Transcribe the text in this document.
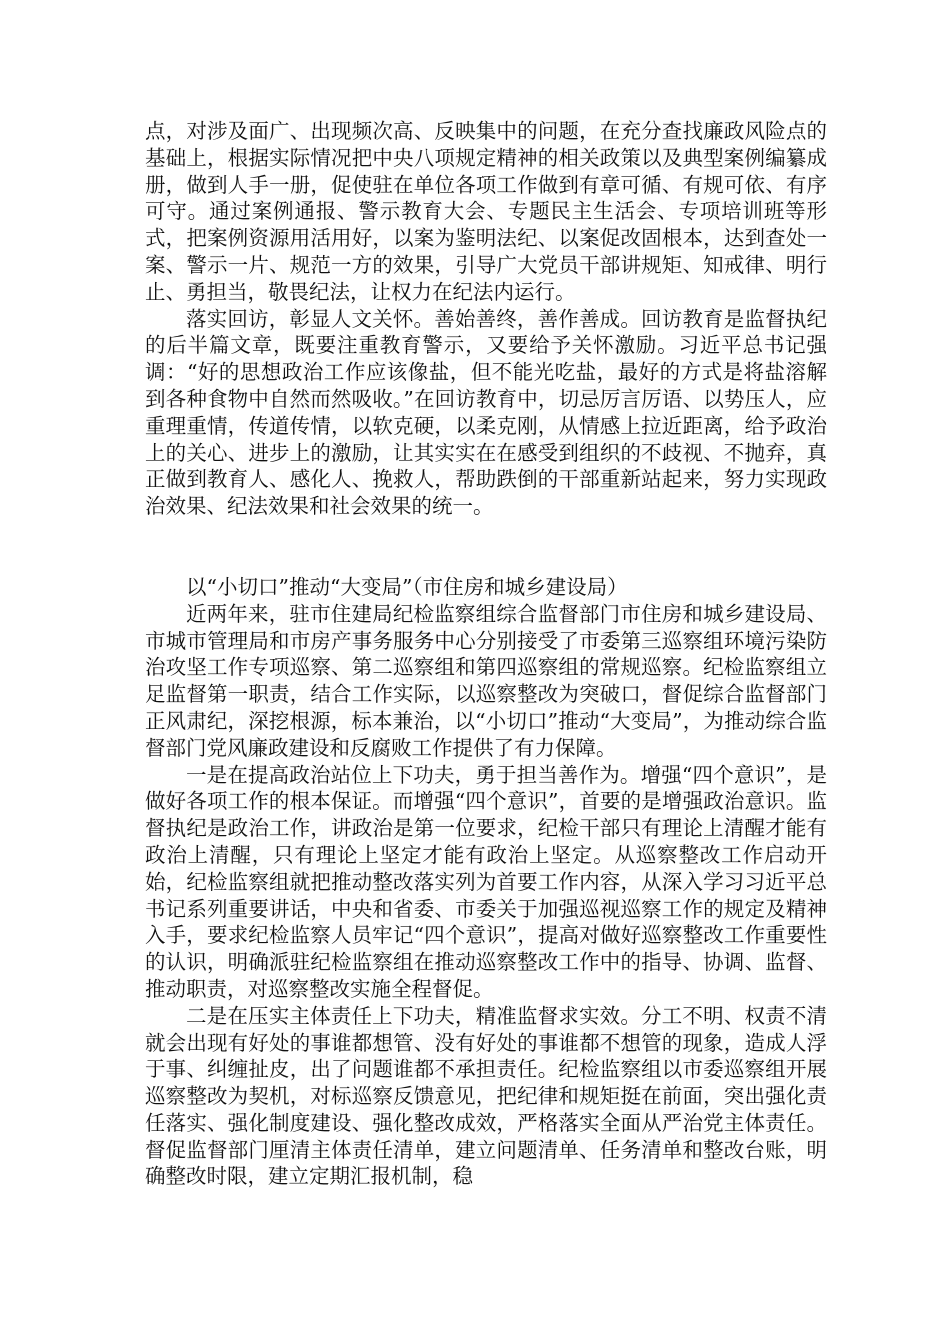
点，对涉及面广、出现频次高、反映集中的问题，在充分查找廉政风险点的基础上，根据实际情况把中央八项规定精神的相关政策以及典型案例编纂成册，做到人手一册，促使驻在单位各项工作做到有章可循、有规可依、有序可守。通过案例通报、警示教育大会、专题民主生活会、专项培训班等形式，把案例资源用活用好，以案为鉴明法纪、以案促改固根本，达到查处一案、警示一片、规范一方的效果，引导广大党员干部讲规矩、知戒律、明行止、勇担当，敬畏纪法，让权力在纪法内运行。

落实回访，彰显人文关怀。善始善终，善作善成。回访教育是监督执纪的后半篇文章，既要注重教育警示，又要给予关怀激励。习近平总书记强调：“好的思想政治工作应该像盐，但不能光吃盐，最好的方式是将盐溶解到各种食物中自然而然吸收。”在回访教育中，切忌厉言厉语、以势压人，应重理重情，传道传情，以软克硬，以柔克刚，从情感上拉近距离，给予政治上的关心、进步上的激励，让其实实在在感受到组织的不歧视、不抛弃，真正做到教育人、感化人、挽救人，帮助跌倒的干部重新站起来，努力实现政治效果、纪法效果和社会效果的统一。

以“小切口”推动“大变局”（市住房和城乡建设局）

近两年来，驻市住建局纪检监察组综合监督部门市住房和城乡建设局、市城市管理局和市房产事务服务中心分别接受了市委第三巡察组环境污染防治攻坚工作专项巡察、第二巡察组和第四巡察组的常规巡察。纪检监察组立足监督第一职责，结合工作实际，以巡察整改为突破口，督促综合监督部门正风肃纪，深挖根源，标本兼治，以“小切口”推动“大变局”，为推动综合监督部门党风廉政建设和反腐败工作提供了有力保障。

一是在提高政治站位上下功夫，勇于担当善作为。增强“四个意识”，是做好各项工作的根本保证。而增强“四个意识”，首要的是增强政治意识。监督执纪是政治工作，讲政治是第一位要求，纪检干部只有理论上清醒才能有政治上清醒，只有理论上坚定才能有政治上坚定。从巡察整改工作启动开始，纪检监察组就把推动整改落实列为首要工作内容，从深入学习习近平总书记系列重要讲话，中央和省委、市委关于加强巡视巡察工作的规定及精神入手，要求纪检监察人员牢记“四个意识”，提高对做好巡察整改工作重要性的认识，明确派驻纪检监察组在推动巡察整改工作中的指导、协调、监督、推动职责，对巡察整改实施全程督促。

二是在压实主体责任上下功夫，精准监督求实效。分工不明、权责不清就会出现有好处的事谁都想管、没有好处的事谁都不想管的现象，造成人浮于事、纠缠扯皮，出了问题谁都不承担责任。纪检监察组以市委巡察组开展巡察整改为契机，对标巡察反馈意见，把纪律和规矩挺在前面，突出强化责任落实、强化制度建设、强化整改成效，严格落实全面从严治党主体责任。督促监督部门厘清主体责任清单，建立问题清单、任务清单和整改台账，明确整改时限，建立定期汇报机制，稳
